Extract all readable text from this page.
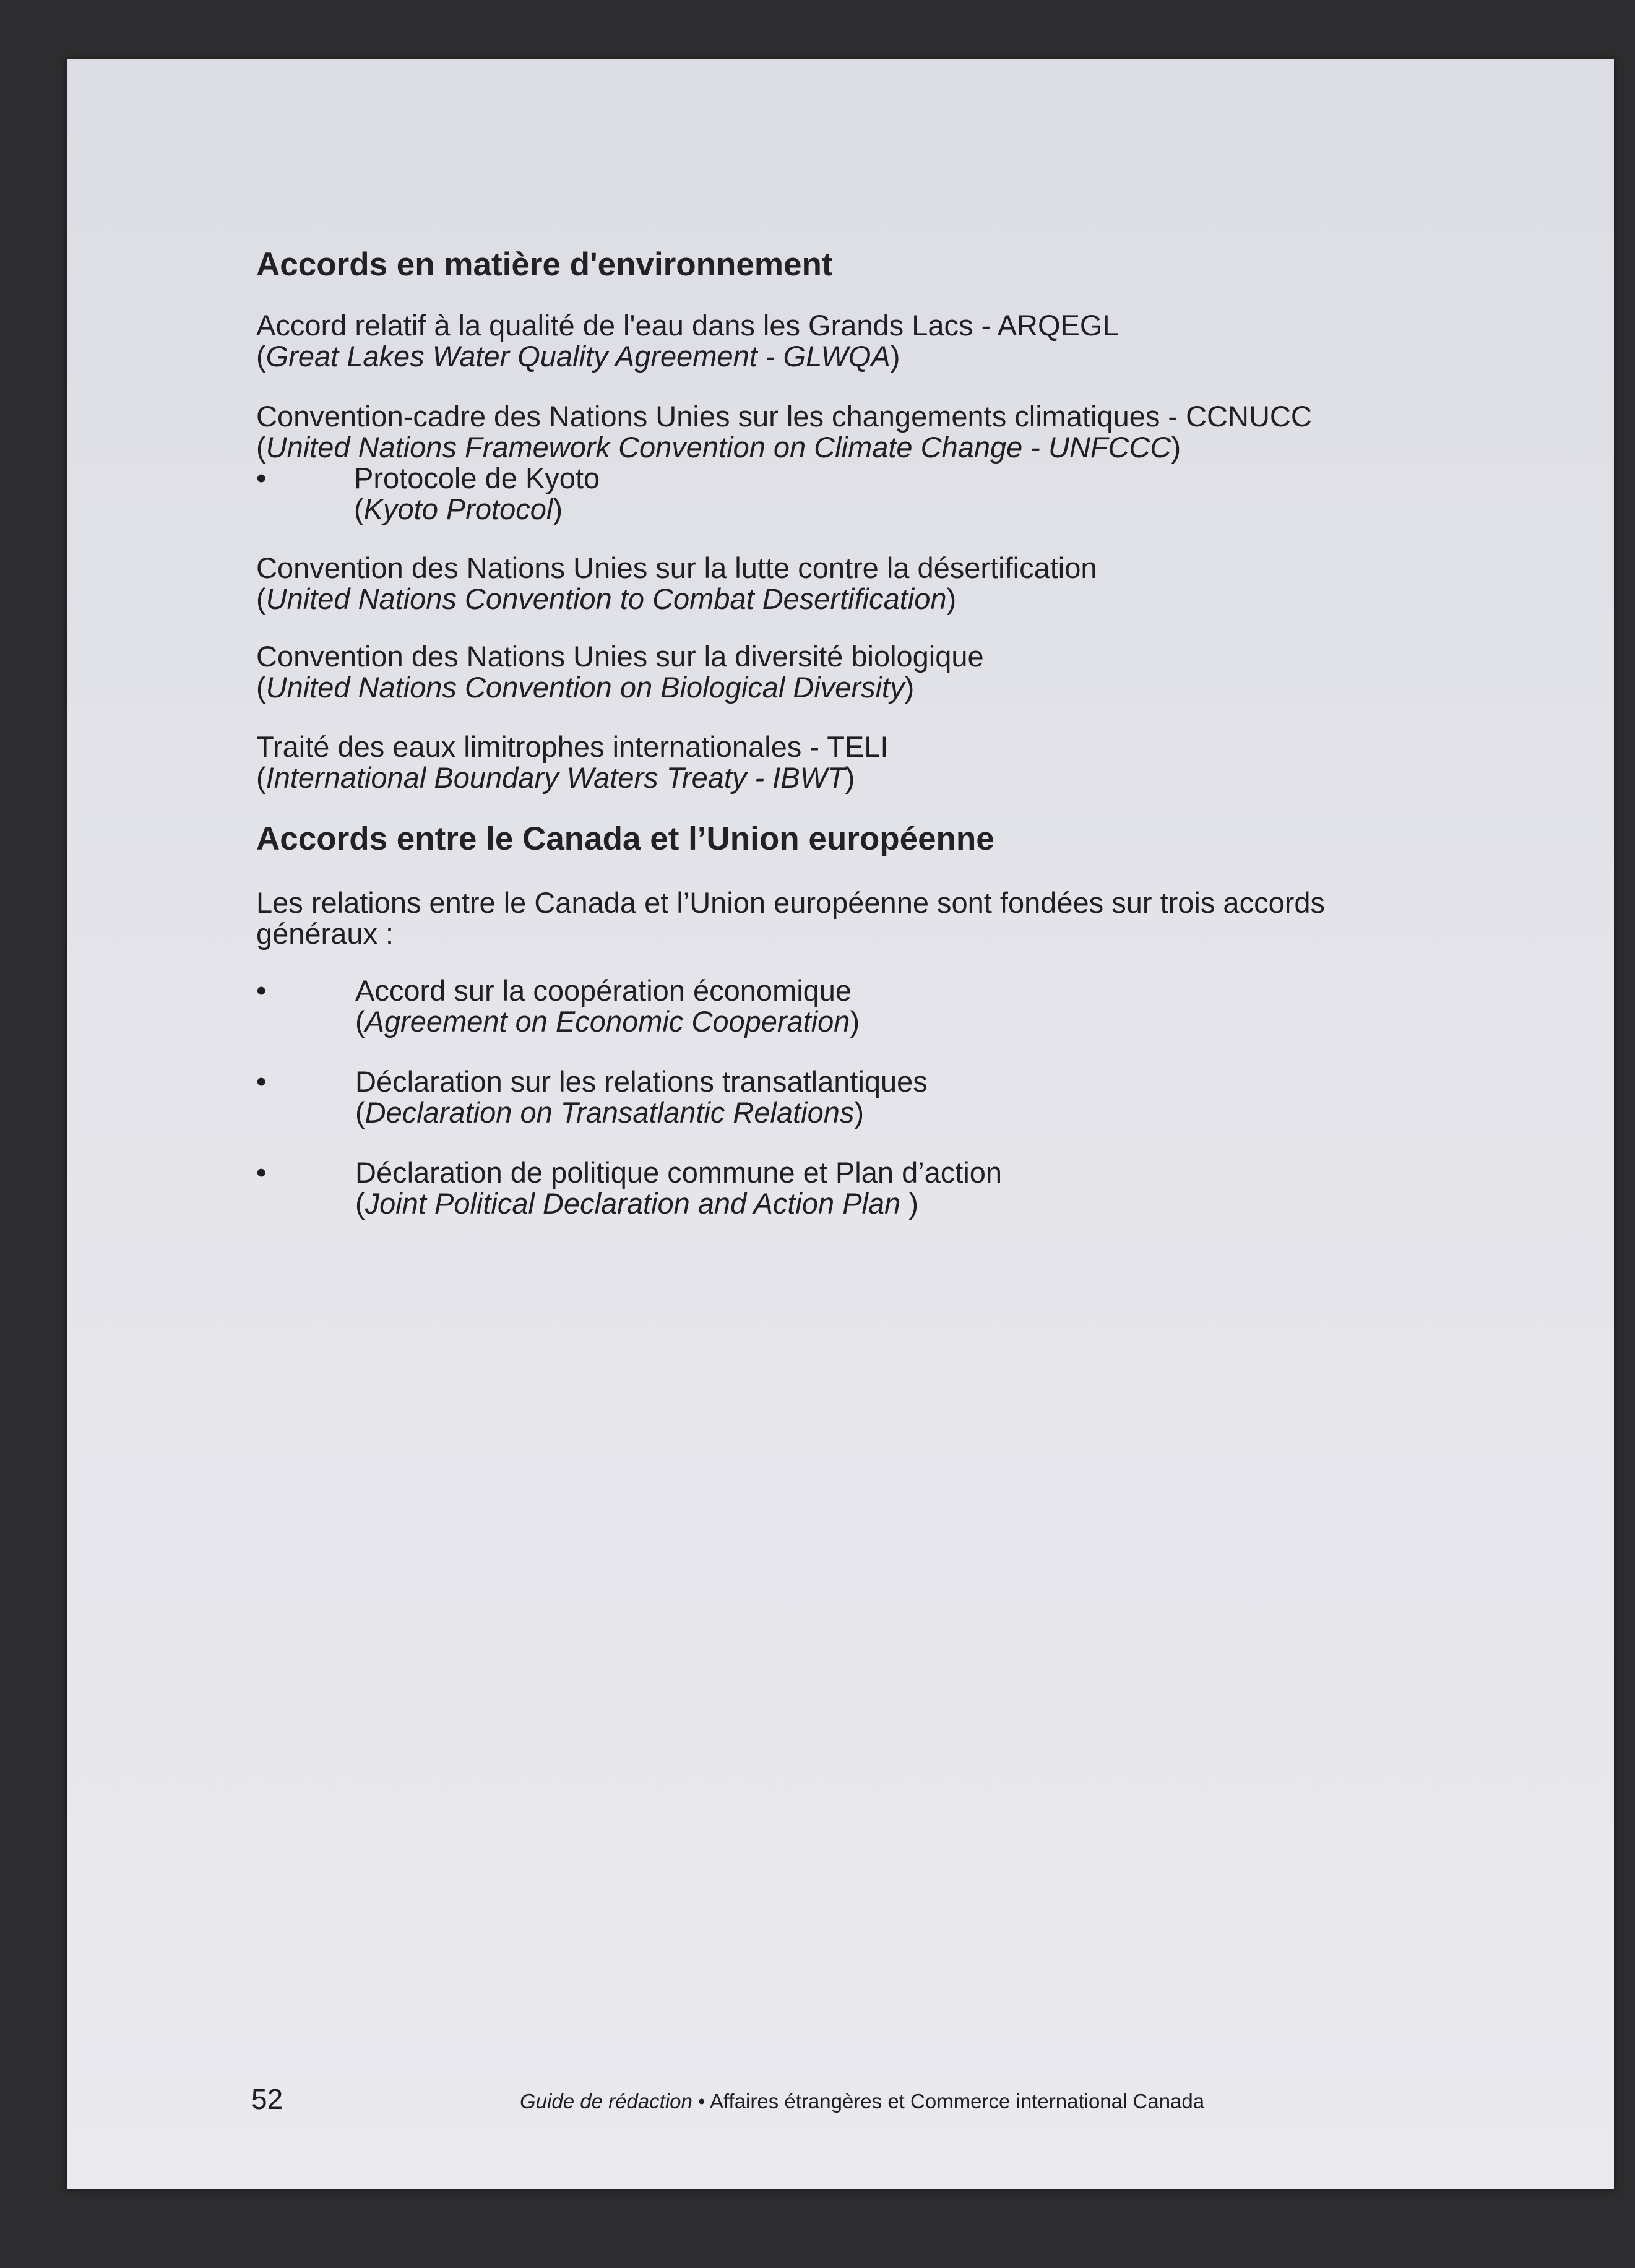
Accords en matière d'environnement

Accord relatif à la qualité de l'eau dans les Grands Lacs - ARQEGL

(Great Lakes Water Quality Agreement - GLWQA)

Convention-cadre des Nations Unies sur les changements climatiques - CCNUCC

(United Nations Framework Convention on Climate Change - UNFCCC)

•	Protocole de Kyoto

(Kyoto Protocol)

Convention des Nations Unies sur la lutte contre la désertification

(United Nations Convention to Combat Desertification)

Convention des Nations Unies sur la diversité biologique

(United Nations Convention on Biological Diversity)

Traité des eaux limitrophes internationales - TELI

(International Boundary Waters Treaty - IBWT)

Accords entre le Canada et l’Union européenne

Les relations entre le Canada et l’Union européenne sont fondées sur trois accords

généraux :

•	Accord sur la coopération économique

(Agreement on Economic Cooperation)

•	Déclaration sur les relations transatlantiques

(Declaration on Transatlantic Relations)

•	Déclaration de politique commune et Plan d’action

(Joint Political Declaration and Action Plan )

52	Guide de rédaction • Affaires étrangères et Commerce international Canada
